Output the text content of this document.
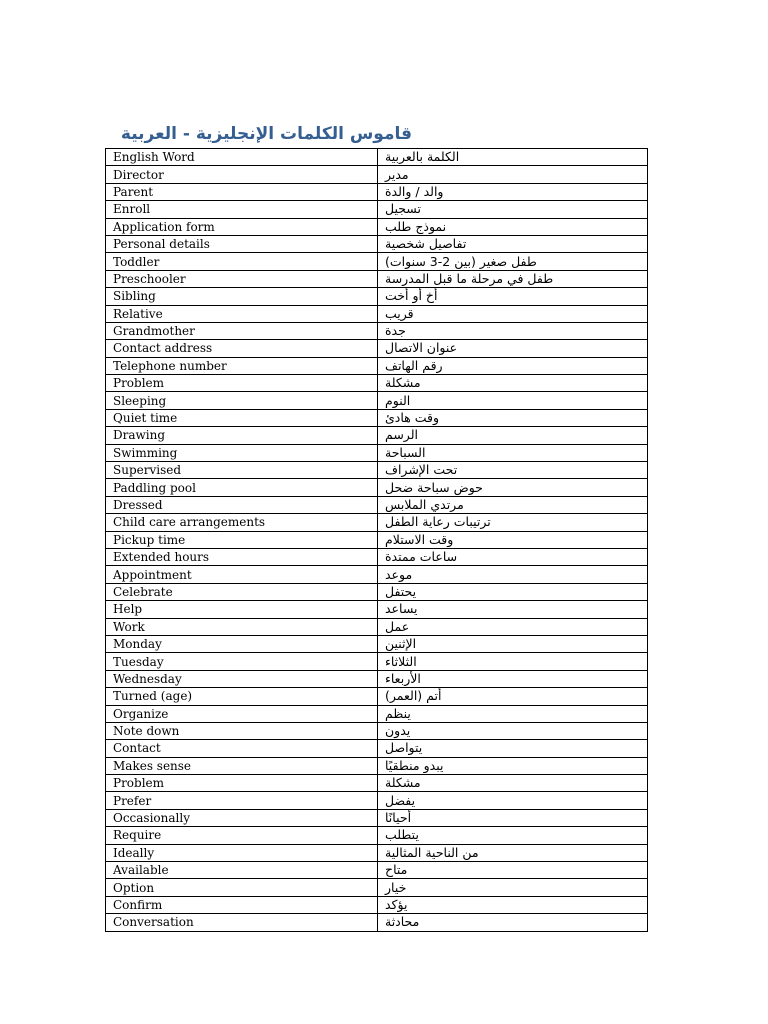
قاموس الكلمات الإنجليزية - العربية
English Word	الكلمة بالعربية
Director	مدير
Parent	والد / والدة
Enroll	تسجيل
Application form	نموذج طلب
Personal details	تفاصيل شخصية
Toddler	طفل صغير (بين 2-3 سنوات)
Preschooler	طفل في مرحلة ما قبل المدرسة
Sibling	أخ أو أخت
Relative	قريب
Grandmother	جدة
Contact address	عنوان الاتصال
Telephone number	رقم الهاتف
Problem	مشكلة
Sleeping	النوم
Quiet time	وقت هادئ
Drawing	الرسم
Swimming	السباحة
Supervised	تحت الإشراف
Paddling pool	حوض سباحة ضحل
Dressed	مرتدي الملابس
Child care arrangements	ترتيبات رعاية الطفل
Pickup time	وقت الاستلام
Extended hours	ساعات ممتدة
Appointment	موعد
Celebrate	يحتفل
Help	يساعد
Work	عمل
Monday	الإثنين
Tuesday	الثلاثاء
Wednesday	الأربعاء
Turned (age)	أتم (العمر)
Organize	ينظم
Note down	يدون
Contact	يتواصل
Makes sense	يبدو منطقيًا
Problem	مشكلة
Prefer	يفضل
Occasionally	أحيانًا
Require	يتطلب
Ideally	من الناحية المثالية
Available	متاح
Option	خيار
Confirm	يؤكد
Conversation	محادثة
